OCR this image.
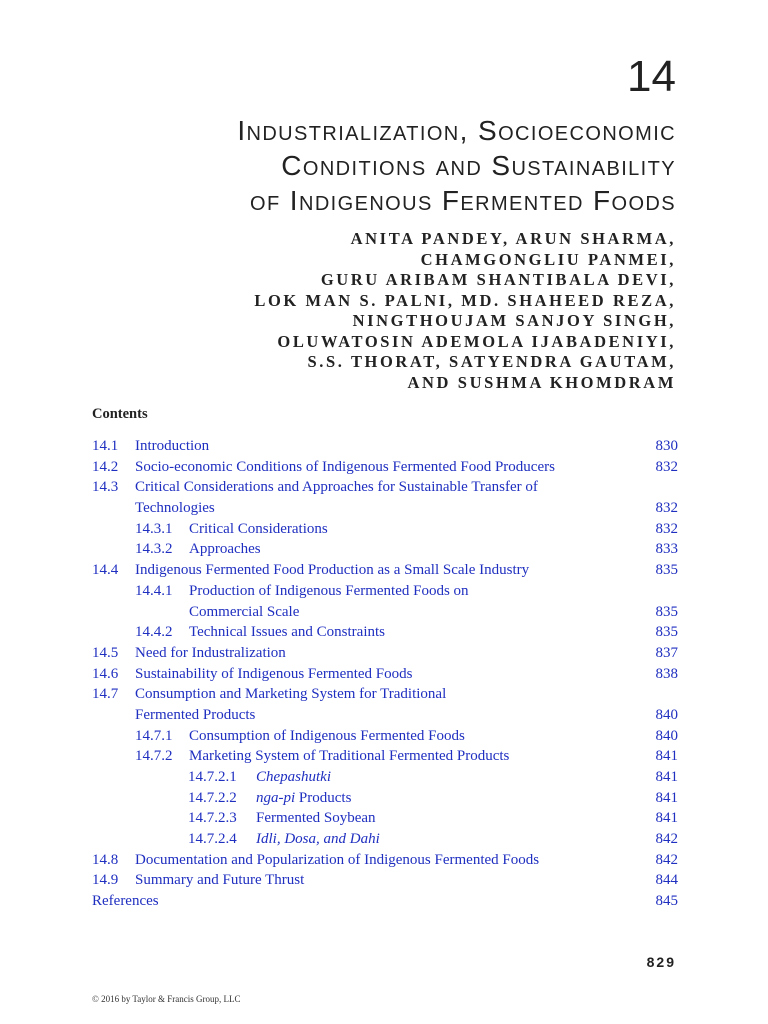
14
Industrialization, Socioeconomic
Conditions and Sustainability
of Indigenous Fermented Foods
ANITA PANDEY, ARUN SHARMA,
CHAMGONGLIU PANMEI,
GURU ARIBAM SHANTIBALA DEVI,
LOK MAN S. PALNI, MD. SHAHEED REZA,
NINGTHOUJAM SANJOY SINGH,
OLUWATOSIN ADEMOLA IJABADENIYI,
S.S. THORAT, SATYENDRA GAUTAM,
AND SUSHMA KHOMDRAM
Contents
14.1 Introduction	830
14.2 Socio-economic Conditions of Indigenous Fermented Food Producers	832
14.3 Critical Considerations and Approaches for Sustainable Transfer of
Technologies	832
14.3.1 Critical Considerations	832
14.3.2 Approaches	833
14.4 Indigenous Fermented Food Production as a Small Scale Industry	835
14.4.1 Production of Indigenous Fermented Foods on
Commercial Scale	835
14.4.2 Technical Issues and Constraints	835
14.5 Need for Industralization	837
14.6 Sustainability of Indigenous Fermented Foods	838
14.7 Consumption and Marketing System for Traditional
Fermented Products	840
14.7.1 Consumption of Indigenous Fermented Foods	840
14.7.2 Marketing System of Traditional Fermented Products	841
14.7.2.1 Chepashutki	841
14.7.2.2 nga-pi Products	841
14.7.2.3 Fermented Soybean	841
14.7.2.4 Idli, Dosa, and Dahi	842
14.8 Documentation and Popularization of Indigenous Fermented Foods	842
14.9 Summary and Future Thrust	844
References	845
829
© 2016 by Taylor & Francis Group, LLC
